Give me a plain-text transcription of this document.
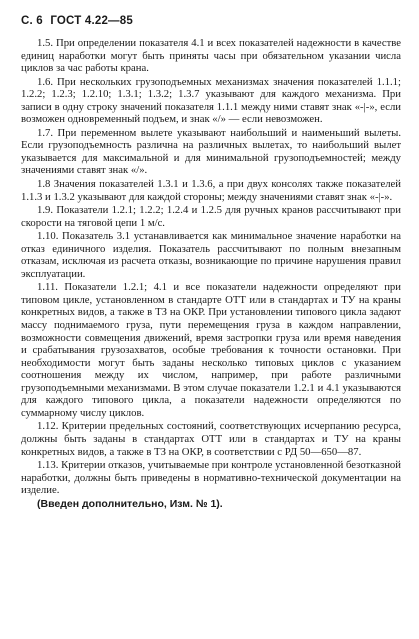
С. 6 ГОСТ 4.22—85

1.5. При определении показателя 4.1 и всех показателей надежности в качестве единиц наработки могут быть приняты часы при обязательном указании числа циклов за час работы крана.

1.6. При нескольких грузоподъемных механизмах значения показателей 1.1.1; 1.2.2; 1.2.3; 1.2.10; 1.3.1; 1.3.2; 1.3.7 указывают для каждого механизма. При записи в одну строку значений показателя 1.1.1 между ними ставят знак «-|-», если возможен одновременный подъем, и знак «/» — если невозможен.

1.7. При переменном вылете указывают наибольший и наименьший вылеты. Если грузоподъемность различна на различных вылетах, то наибольший вылет указывается для максимальной и для минимальной грузоподъемностей; между значениями ставят знак «/».

1.8 Значения показателей 1.3.1 и 1.3.6, а при двух консолях также показателей 1.1.3 и 1.3.2 указывают для каждой стороны; между значениями ставят знак «-|-».

1.9. Показатели 1.2.1; 1.2.2; 1.2.4 и 1.2.5 для ручных кранов рассчитывают при скорости на тяговой цепи 1 м/с.

1.10. Показатель 3.1 устанавливается как минимальное значение наработки на отказ единичного изделия. Показатель рассчитывают по полным внезапным отказам, исключая из расчета отказы, возникающие по причине нарушения правил эксплуатации.

1.11. Показатели 1.2.1; 4.1 и все показатели надежности определяют при типовом цикле, установленном в стандарте ОТТ или в стандартах и ТУ на краны конкретных видов, а также в ТЗ на ОКР. При установлении типового цикла задают массу поднимаемого груза, пути перемещения груза в каждом направлении, возможности совмещения движений, время застропки груза или время наведения и срабатывания грузозахватов, особые требования к точности остановки. При необходимости могут быть заданы несколько типовых циклов с указанием соотношения между их числом, например, при работе различными грузоподъемными механизмами. В этом случае показатели 1.2.1 и 4.1 указываются для каждого типового цикла, а показатели надежности определяются по суммарному числу циклов.

1.12. Критерии предельных состояний, соответствующих исчерпанию ресурса, должны быть заданы в стандартах ОТТ или в стандартах и ТУ на краны конкретных видов, а также в ТЗ на ОКР, в соответствии с РД 50—650—87.

1.13. Критерии отказов, учитываемые при контроле установленной безотказной наработки, должны быть приведены в нормативно-технической документации на изделие.

(Введен дополнительно, Изм. № 1).
